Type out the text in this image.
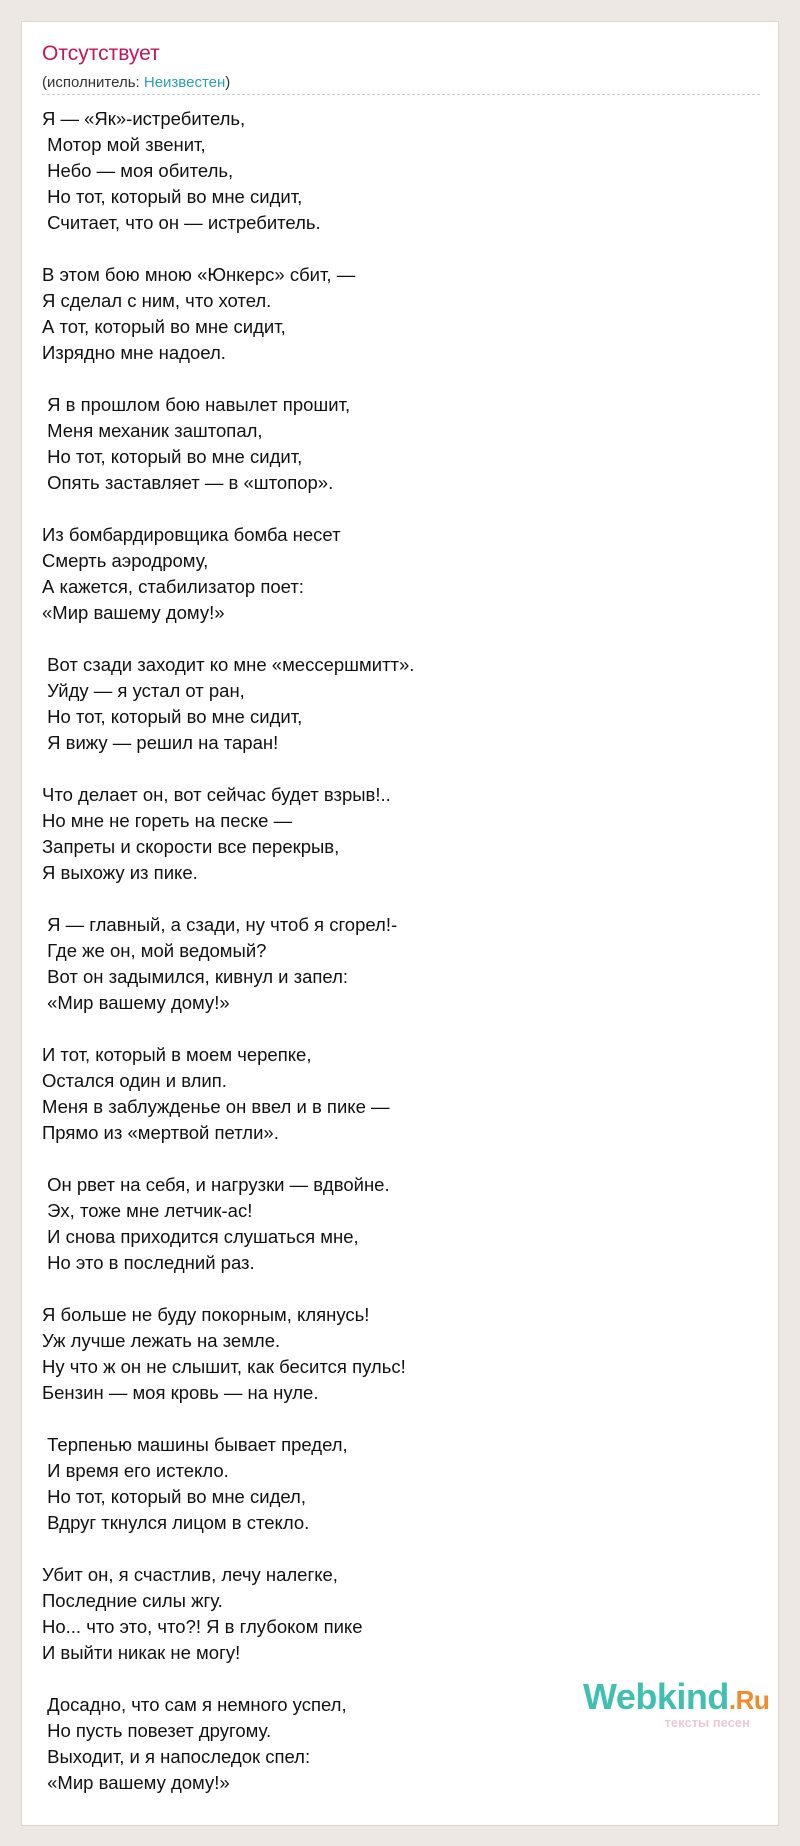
Отсутствует
(исполнитель: Неизвестен)
Я — «Як»-истребитель,
Мотор мой звенит,
Небо — моя обитель,
Но тот, который во мне сидит,
Считает, что он — истребитель.

В этом бою мною «Юнкерс» сбит, —
Я сделал с ним, что хотел.
А тот, который во мне сидит,
Изрядно мне надоел.

Я в прошлом бою навылет прошит,
Меня механик заштопал,
Но тот, который во мне сидит,
Опять заставляет — в «штопор».

Из бомбардировщика бомба несет
Смерть аэродрому,
А кажется, стабилизатор поет:
«Мир вашему дому!»

Вот сзади заходит ко мне «мессершмитт».
Уйду — я устал от ран,
Но тот, который во мне сидит,
Я вижу — решил на таран!

Что делает он, вот сейчас будет взрыв!..
Но мне не гореть на песке —
Запреты и скорости все перекрыв,
Я выхожу из пике.

Я — главный, а сзади, ну чтоб я сгорел!-
Где же он, мой ведомый?
Вот он задымился, кивнул и запел:
«Мир вашему дому!»

И тот, который в моем черепке,
Остался один и влип.
Меня в заблужденье он ввел и в пике —
Прямо из «мертвой петли».

Он рвет на себя, и нагрузки — вдвойне.
Эх, тоже мне летчик-ас!
И снова приходится слушаться мне,
Но это в последний раз.

Я больше не буду покорным, клянусь!
Уж лучше лежать на земле.
Ну что ж он не слышит, как бесится пульс!
Бензин — моя кровь — на нуле.

Терпенью машины бывает предел,
И время его истекло.
Но тот, который во мне сидел,
Вдруг ткнулся лицом в стекло.

Убит он, я счастлив, лечу налегке,
Последние силы жгу.
Но... что это, что?! Я в глубоком пике
И выйти никак не могу!

Досадно, что сам я немного успел,
Но пусть повезет другому.
Выходит, и я напоследок спел:
«Мир вашему дому!»
Webkind.Ru
тексты песен
